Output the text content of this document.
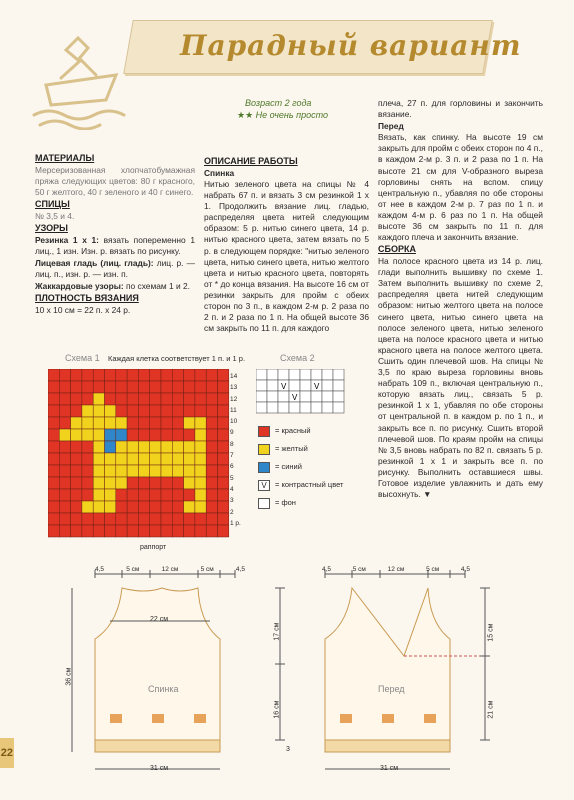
Парадный вариант
Возраст 2 года
★★ Не очень просто
МАТЕРИАЛЫ

Мерсеризованная хлопчатобумажная пряжа следующих цветов: 80 г красного, 50 г желтого, 40 г зеленого и 40 г синего.

СПИЦЫ

№ 3,5 и 4.

УЗОРЫ

Резинка 1 х 1: вязать попеременно 1 лиц., 1 изн. Изн. р. вязать по рисунку.

Лицевая гладь (лиц. гладь): лиц. р. — лиц. п., изн. р. — изн. п.

Жаккардовые узоры: по схемам 1 и 2.

ПЛОТНОСТЬ ВЯЗАНИЯ

10 х 10 см = 22 п. х 24 р.

ОПИСАНИЕ РАБОТЫ
Спинка

Нитью зеленого цвета на спицы № 4 набрать 67 п. и вязать 3 см резинкой 1 х 1. Продолжить вязание лиц. гладью, распределяя цвета нитей следующим образом: 5 р. нитью синего цвета, 14 р. нитью красного цвета, затем вязать по 5 р. в следующем порядке: "нитью зеленого цвета, нитью синего цвета, нитью желтого цвета и нитью красного цвета, повторять от * до конца вязания. На высоте 16 см от резинки закрыть для пройм с обеих сторон по 3 п., в каждом 2-м р. 2 раза по 2 п. и 2 раза по 1 п. На общей высоте 36 см закрыть по 11 п. для каждого

плеча, 27 п. для горловины и закончить вязание.

Перед

Вязать, как спинку. На высоте 19 см закрыть для пройм с обеих сторон по 4 п., в каждом 2-м р. 3 п. и 2 раза по 1 п. На высоте 21 см для V-образного выреза горловины снять на вспом. спицу центральную п., убавляя по обе стороны от нее в каждом 2-м р. 7 раз по 1 п. и каждом 4-м р. 6 раз по 1 п. На общей высоте 36 см закрыть по 11 п. для каждого плеча и закончить вязание.

СБОРКА

На полосе красного цвета из 14 р. лиц. глади выполнить вышивку по схеме 1. Затем выполнить вышивку по схеме 2, распределяя цвета нитей следующим образом: нитью желтого цвета на полосе синего цвета, нитью синего цвета на полосе зеленого цвета, нитью зеленого цвета на полосе красного цвета и нитью красного цвета на полосе желтого цвета. Сшить один плечевой шов. На спицы № 3,5 по краю выреза горловины вновь набрать 109 п., включая центральную п., которую вязать лиц., связать 5 р. резинкой 1 х 1, убавляя по обе стороны от центральной п. в каждом р. по 1 п., и закрыть все п. по рисунку. Сшить второй плечевой шов. По краям пройм на спицы № 3,5 вновь набрать по 82 п. связать 5 р. резинкой 1 х 1 и закрыть все п. по рисунку. Выполнить оставшиеся швы. Готовое изделие увлажнить и дать ему высохнуть. ▼

Схема 1 Каждая клетка соответствует 1 п. и 1 р.
14
13
12
11
10
9
8
7
6
5
4
3
2
1 р.
раппорт
Схема 2
V	V
V
= красный
= желтый
= синий
V	= контрастный цвет
= фон
4,5	5 см	12 см	5 см	4,5
22 см
36 см
17 см
16 см
3
Спинка
31 см
4,5	5 см	12 см	5 см	4,5
15 см
21 см
Перед
31 см
22
